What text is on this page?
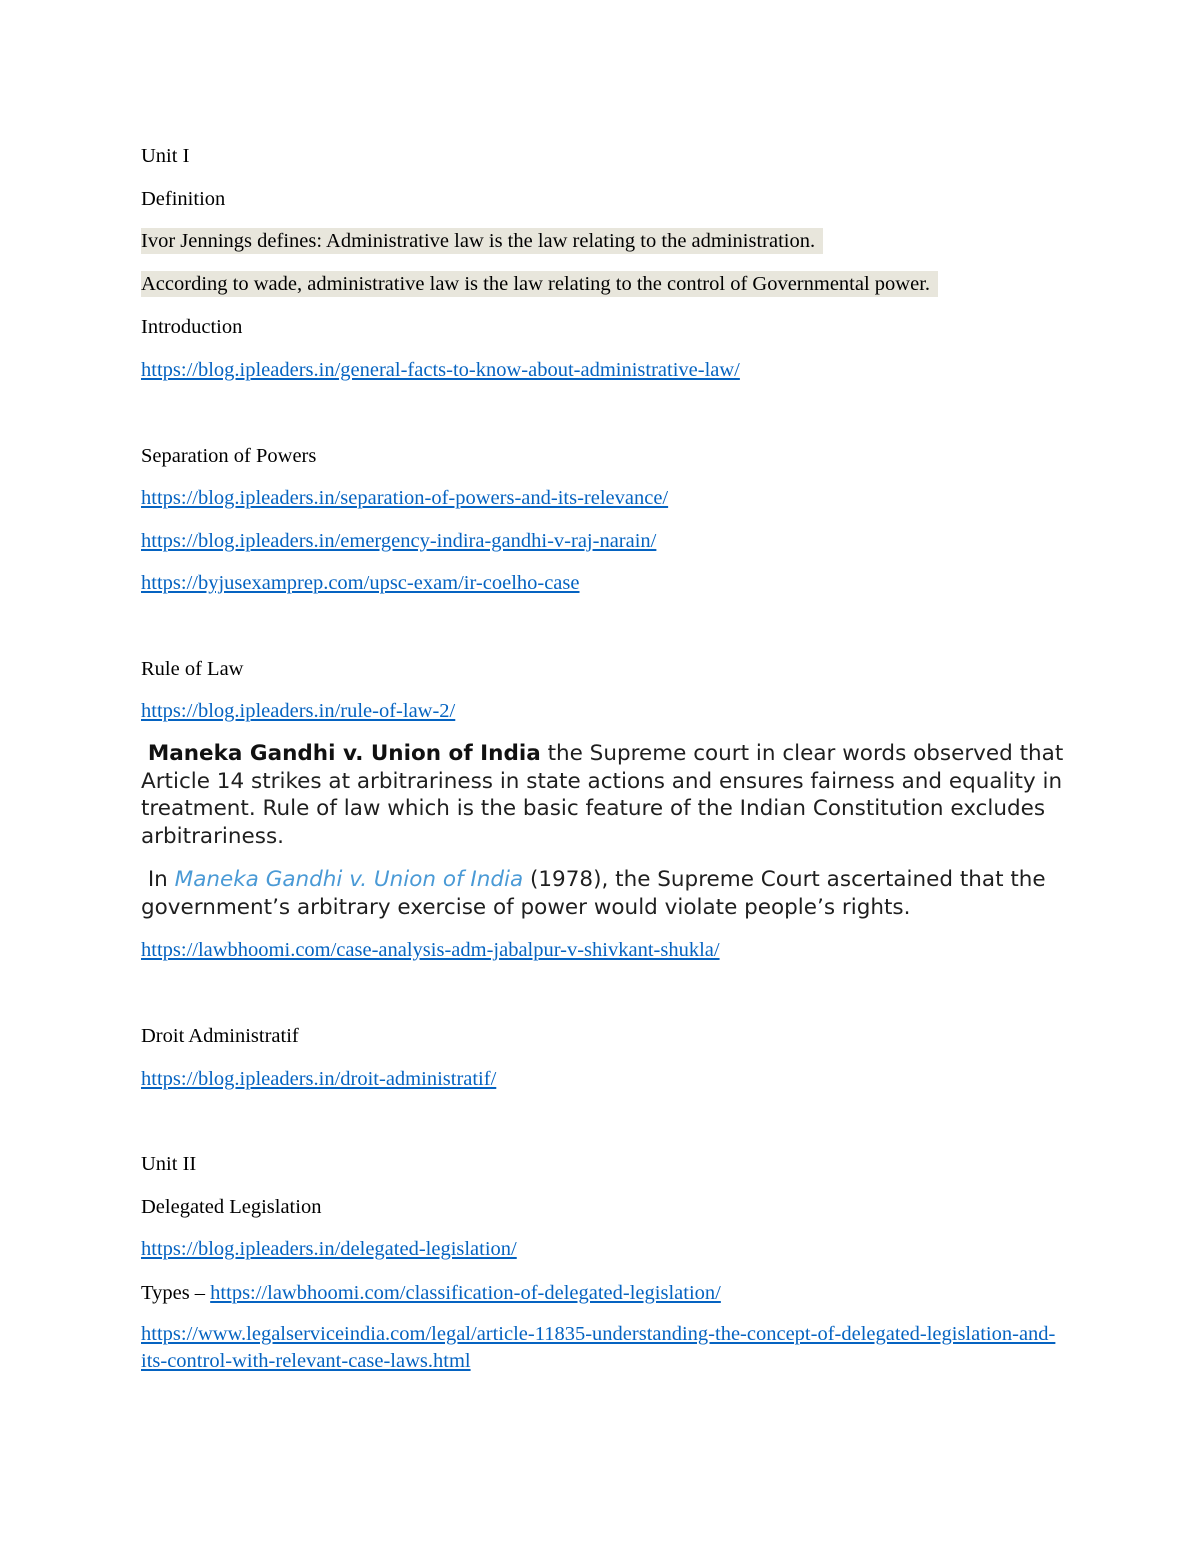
Unit I
Definition
Ivor Jennings defines: Administrative law is the law relating to the administration.
According to wade, administrative law is the law relating to the control of Governmental power.
Introduction
https://blog.ipleaders.in/general-facts-to-know-about-administrative-law/
Separation of Powers
https://blog.ipleaders.in/separation-of-powers-and-its-relevance/
https://blog.ipleaders.in/emergency-indira-gandhi-v-raj-narain/
https://byjusexamprep.com/upsc-exam/ir-coelho-case
Rule of Law
https://blog.ipleaders.in/rule-of-law-2/
Maneka Gandhi v. Union of India the Supreme court in clear words observed that Article 14 strikes at arbitrariness in state actions and ensures fairness and equality in treatment. Rule of law which is the basic feature of the Indian Constitution excludes arbitrariness.
In Maneka Gandhi v. Union of India (1978), the Supreme Court ascertained that the government’s arbitrary exercise of power would violate people’s rights.
https://lawbhoomi.com/case-analysis-adm-jabalpur-v-shivkant-shukla/
Droit Administratif
https://blog.ipleaders.in/droit-administratif/
Unit II
Delegated Legislation
https://blog.ipleaders.in/delegated-legislation/
Types – https://lawbhoomi.com/classification-of-delegated-legislation/
https://www.legalserviceindia.com/legal/article-11835-understanding-the-concept-of-delegated-legislation-and-its-control-with-relevant-case-laws.html
